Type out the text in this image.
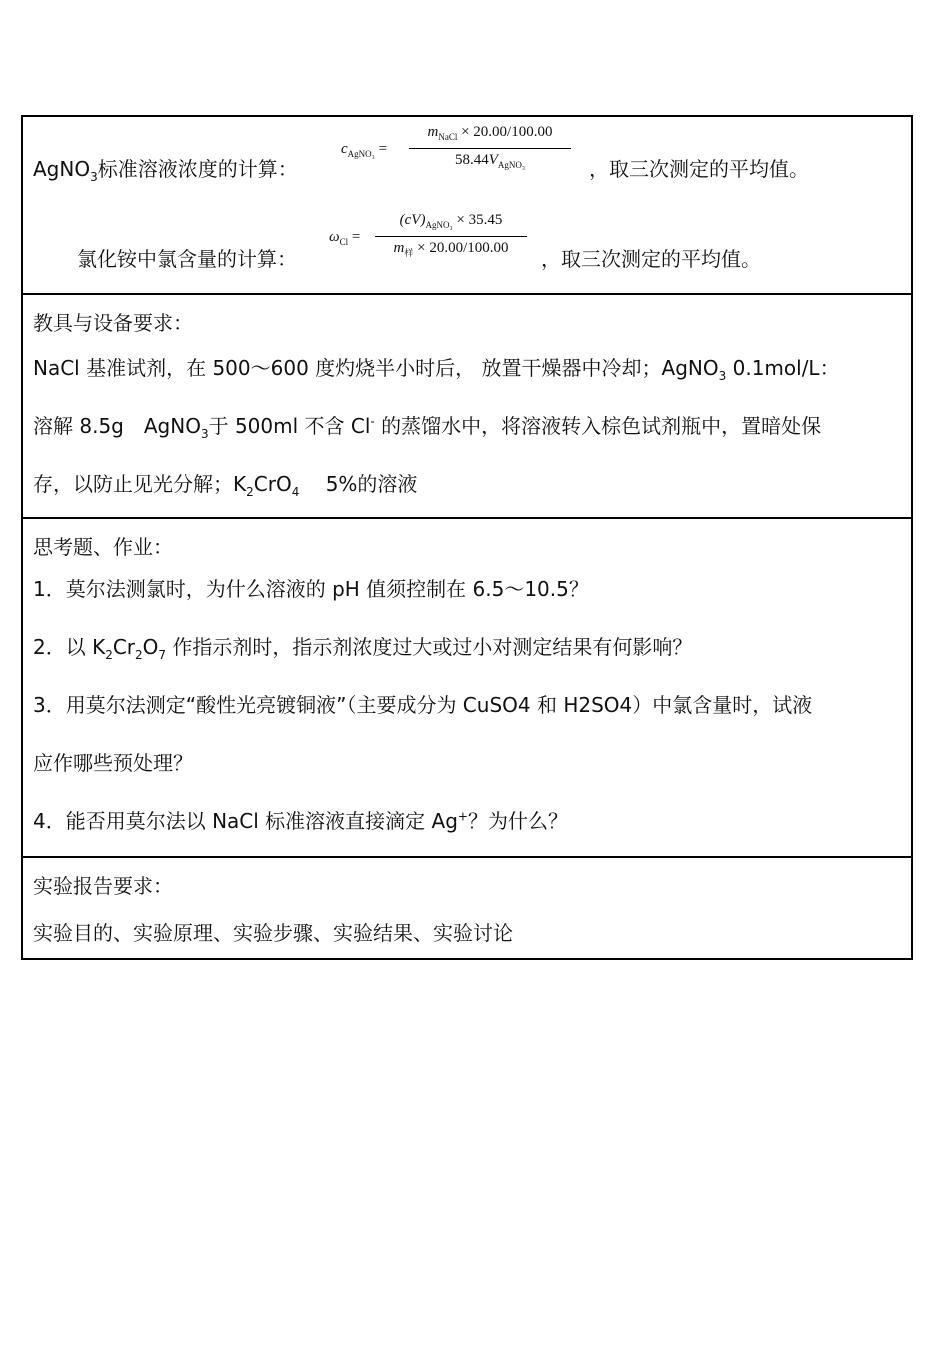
AgNO$_3$标准溶液浓度的计算：
$c_{AgNO_3}$ =
$m_{NaCl} \times 20.00/100.00$
$58.44V_{AgNO_3}$	，取三次测定的平均值。
氯化铵中氯含量的计算：
$\omega_{Cl}$ =
$(cV)_{AgNO_3} \times 35.45$
$m_样 \times 20.00/100.00$	，取三次测定的平均值。
教具与设备要求：
NaCl 基准试剂，在 500～600 度灼烧半小时后， 放置干燥器中冷却；AgNO$_3$ 0.1mol/L：
溶解 8.5g　AgNO$_3$于 500ml 不含 Cl- 的蒸馏水中，将溶液转入棕色试剂瓶中，置暗处保
存，以防止见光分解；$K_2CrO_4$　 5%的溶液
思考题、作业：
1．莫尔法测氯时，为什么溶液的 pH 值须控制在 6.5～10.5？
2．以 $K_2Cr_2O_7$ 作指示剂时，指示剂浓度过大或过小对测定结果有何影响？
3．用莫尔法测定“酸性光亮镀铜液”（主要成分为 CuSO4 和 H2SO4）中氯含量时，试液
应作哪些预处理？
4．能否用莫尔法以 NaCl 标准溶液直接滴定 Ag+？为什么？
实验报告要求：
实验目的、实验原理、实验步骤、实验结果、实验讨论
